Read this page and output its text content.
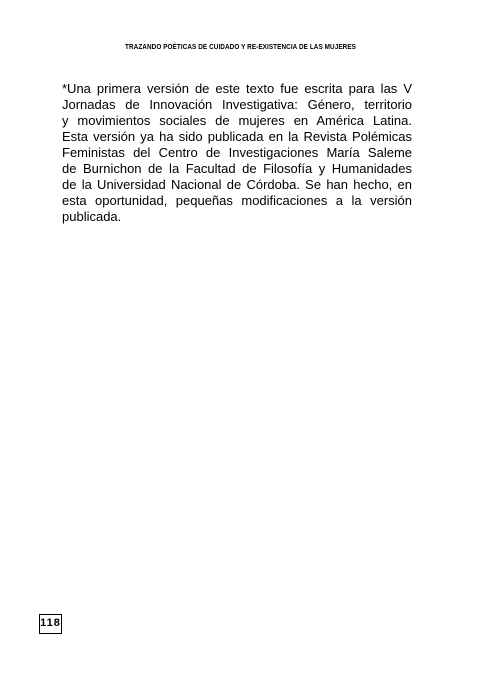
TRAZANDO POÉTICAS DE CUIDADO Y RE-EXISTENCIA DE LAS MUJERES
*Una primera versión de este texto fue escrita para las V
Jornadas de Innovación Investigativa: Género, territorio
y movimientos sociales de mujeres en América Latina.
Esta versión ya ha sido publicada en la Revista Polémicas
Feministas del Centro de Investigaciones María Saleme
de Burnichon de la Facultad de Filosofía y Humanidades
de la Universidad Nacional de Córdoba. Se han hecho, en
esta oportunidad, pequeñas modificaciones a la versión
publicada.
118
